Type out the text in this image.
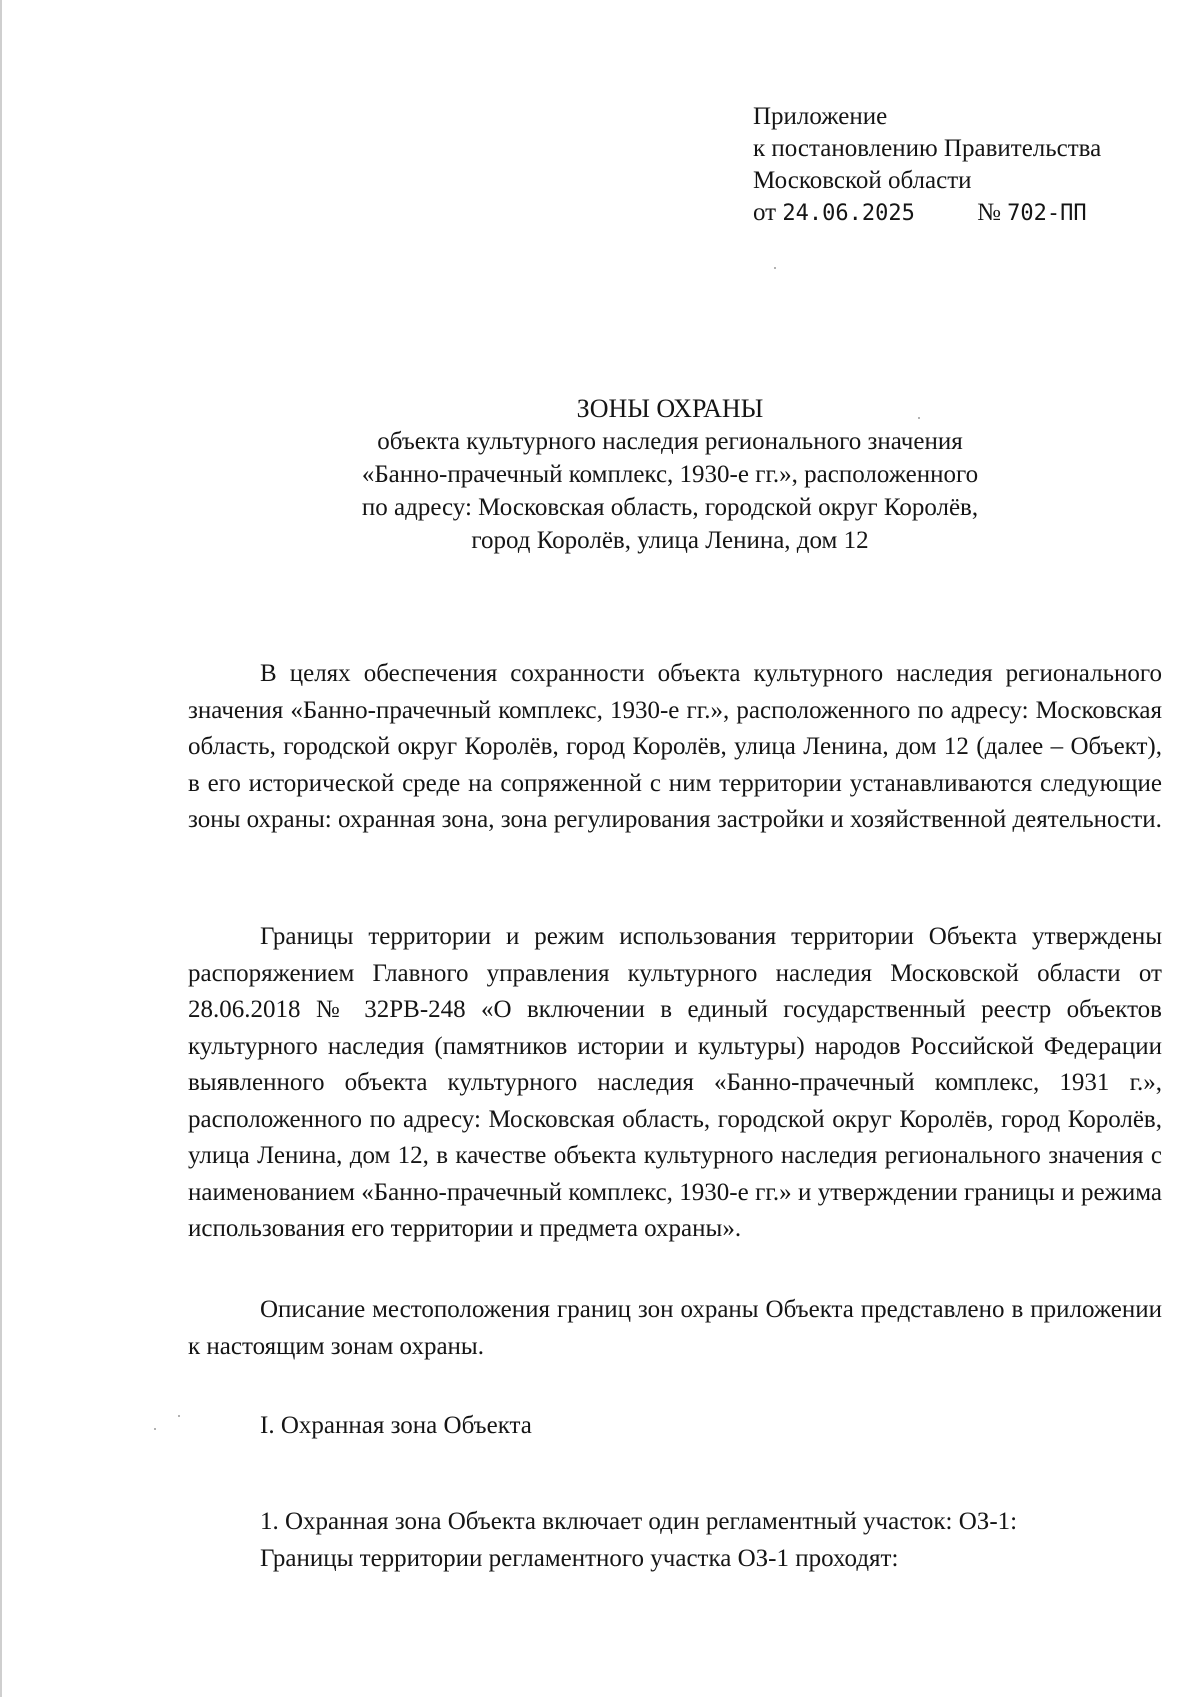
Приложение
к постановлению Правительства
Московской области
от 24.06.2025 № 702-ПП
ЗОНЫ ОХРАНЫ
объекта культурного наследия регионального значения
«Банно-прачечный комплекс, 1930-е гг.», расположенного
по адресу: Московская область, городской округ Королёв,
город Королёв, улица Ленина, дом 12

В целях обеспечения сохранности объекта культурного наследия регионального значения «Банно-прачечный комплекс, 1930-е гг.», расположенного по адресу: Московская область, городской округ Королёв, город Королёв, улица Ленина, дом 12 (далее – Объект), в его исторической среде на сопряженной с ним территории устанавливаются следующие зоны охраны: охранная зона, зона регулирования застройки и хозяйственной деятельности.

Границы территории и режим использования территории Объекта утверждены распоряжением Главного управления культурного наследия Московской области от 28.06.2018 № 32РВ-248 «О включении в единый государственный реестр объектов культурного наследия (памятников истории и культуры) народов Российской Федерации выявленного объекта культурного наследия «Банно-прачечный комплекс, 1931 г.», расположенного по адресу: Московская область, городской округ Королёв, город Королёв, улица Ленина, дом 12, в качестве объекта культурного наследия регионального значения с наименованием «Банно-прачечный комплекс, 1930-е гг.» и утверждении границы и режима использования его территории и предмета охраны».

Описание местоположения границ зон охраны Объекта представлено в приложении к настоящим зонам охраны.

I. Охранная зона Объекта
1. Охранная зона Объекта включает один регламентный участок: ОЗ-1:
Границы территории регламентного участка ОЗ-1 проходят:
